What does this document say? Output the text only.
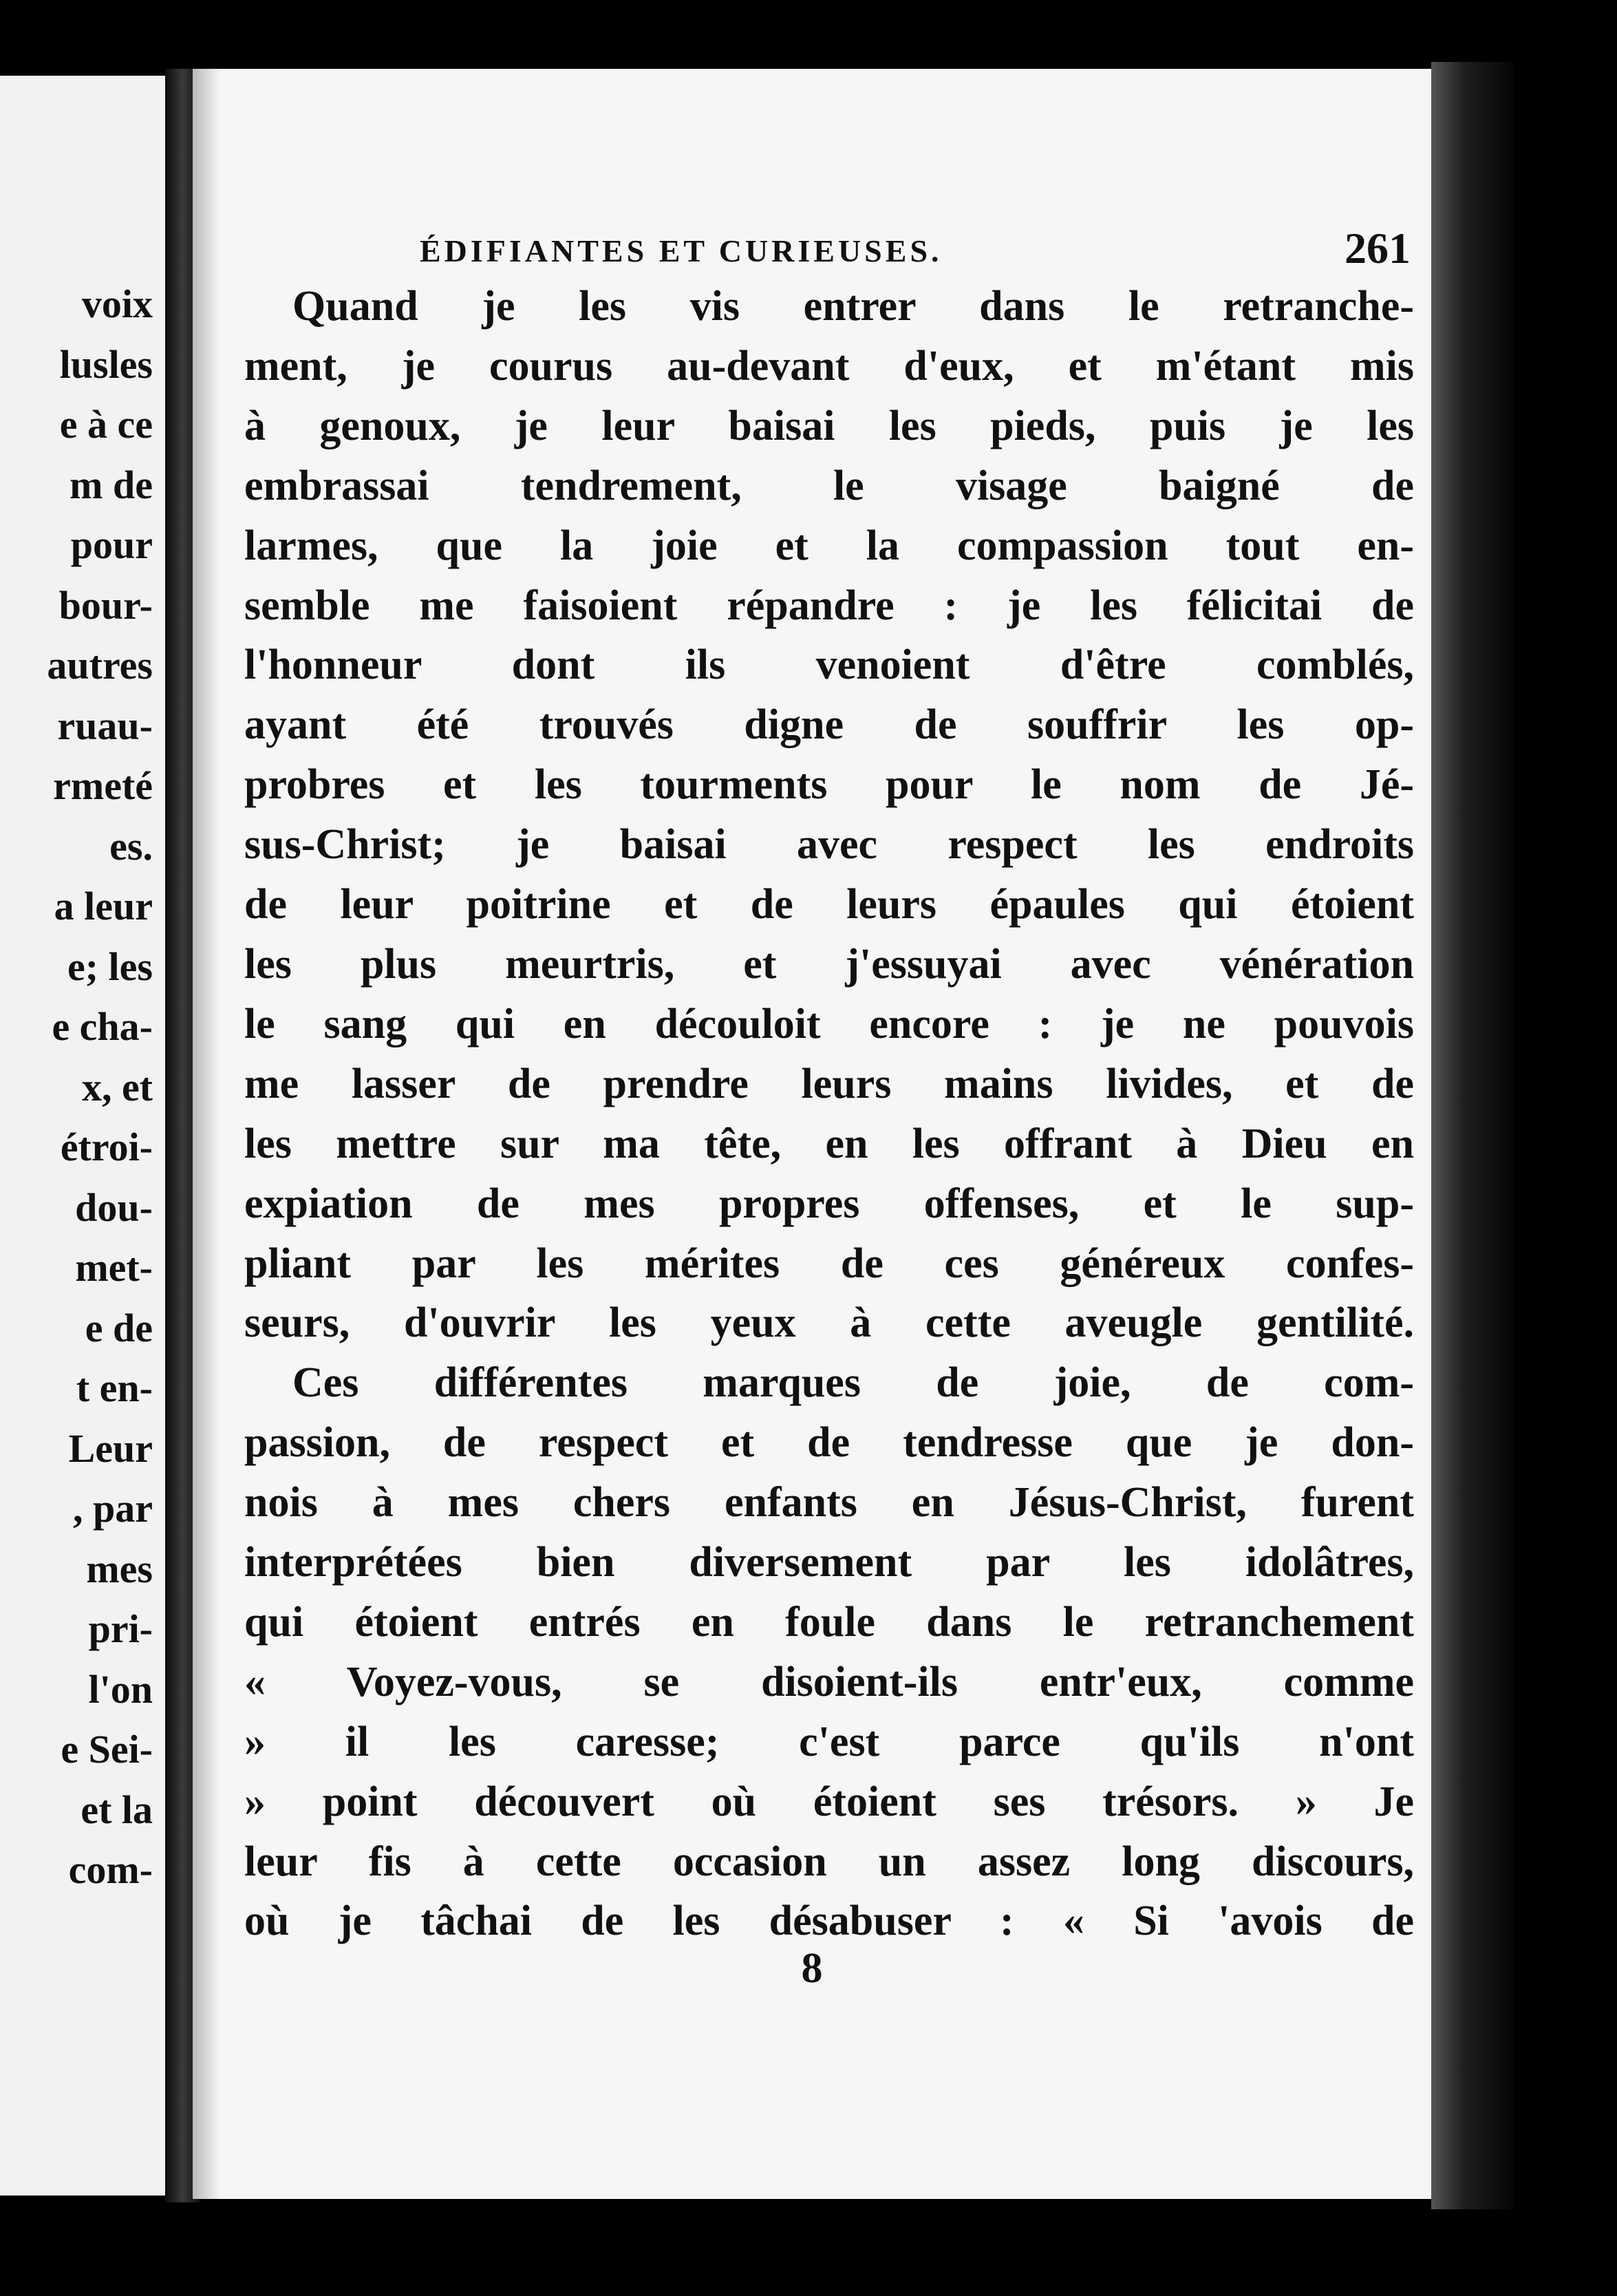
voix
lusles
e à ce
m de
pour
bour-
autres
ruau-
rmeté
es.
a leur
e; les
e cha-
x, et
étroi-
dou-
met-
e de
t en-
Leur
, par
mes
pri-
l'on
e Sei-
et la
com-
ÉDIFIANTES ET CURIEUSES.	261
Quand je les vis entrer dans le retranche-
ment, je courus au-devant d'eux, et m'étant mis
à genoux, je leur baisai les pieds, puis je les
embrassai tendrement, le visage baigné de
larmes, que la joie et la compassion tout en-
semble me faisoient répandre : je les félicitai de
l'honneur dont ils venoient d'être comblés,
ayant été trouvés digne de souffrir les op-
probres et les tourments pour le nom de Jé-
sus-Christ; je baisai avec respect les endroits
de leur poitrine et de leurs épaules qui étoient
les plus meurtris, et j'essuyai avec vénération
le sang qui en découloit encore : je ne pouvois
me lasser de prendre leurs mains livides, et de
les mettre sur ma tête, en les offrant à Dieu en
expiation de mes propres offenses, et le sup-
pliant par les mérites de ces généreux confes-
seurs, d'ouvrir les yeux à cette aveugle gentilité.
Ces différentes marques de joie, de com-
passion, de respect et de tendresse que je don-
nois à mes chers enfants en Jésus-Christ, furent
interprétées bien diversement par les idolâtres,
qui étoient entrés en foule dans le retranchement
« Voyez-vous, se disoient-ils entr'eux, comme
» il les caresse; c'est parce qu'ils n'ont
» point découvert où étoient ses trésors. » Je
leur fis à cette occasion un assez long discours,
où je tâchai de les désabuser : « Si 'avois de
8
